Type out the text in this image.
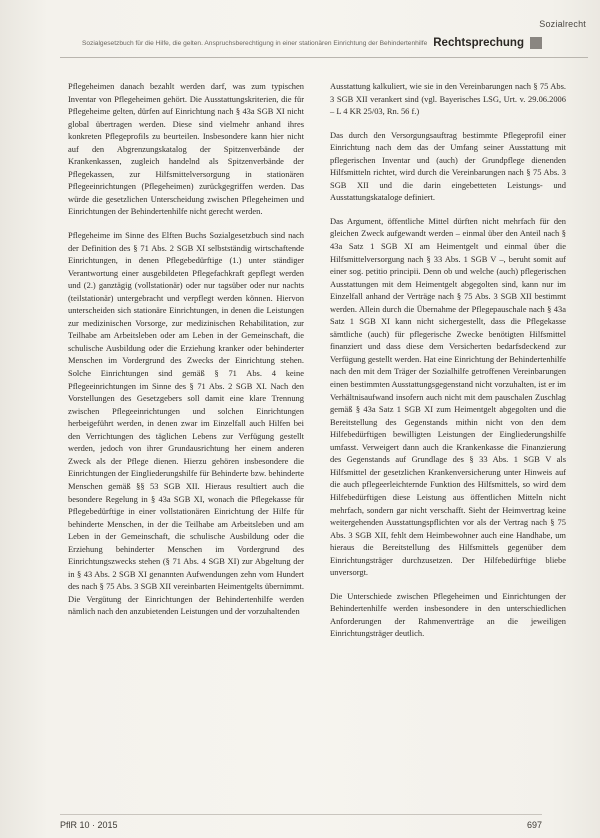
Sozialrecht
Sozialgesetzbuch für die Hilfe, die gelten. Anspruchsberechtigung in einer stationären Einrichtung der Behindertenhilfe Rechtsprechung

Pflegeheimen danach bezahlt werden darf, was zum typischen Inventar von Pflegeheimen gehört. Die Ausstattungskriterien, die für Pflegeheime gelten, dürfen auf Einrichtung nach § 43a SGB XI nicht global übertragen werden. Diese sind vielmehr anhand ihres konkreten Pflegeprofils zu beurteilen. Insbesondere kann hier nicht auf den Abgrenzungskatalog der Spitzenverbände der Krankenkassen, zugleich handelnd als Spitzenverbände der Pflegekassen, zur Hilfsmittelversorgung in stationären Pflegeeinrichtungen (Pflegeheimen) zurückgegriffen werden. Das würde die gesetzlichen Unterscheidung zwischen Pflegeheimen und Einrichtungen der Behindertenhilfe nicht gerecht werden.

Pflegeheime im Sinne des Elften Buchs Sozialgesetzbuch sind nach der Definition des § 71 Abs. 2 SGB XI selbstständig wirtschaftende Einrichtungen, in denen Pflegebedürftige (1.) unter ständiger Verantwortung einer ausgebildeten Pflegefachkraft gepflegt werden und (2.) ganztägig (vollstationär) oder nur tagsüber oder nur nachts (teilstationär) untergebracht und verpflegt werden können. Hiervon unterscheiden sich stationäre Einrichtungen, in denen die Leistungen zur medizinischen Vorsorge, zur medizinischen Rehabilitation, zur Teilhabe am Arbeitsleben oder am Leben in der Gemeinschaft, die schulische Ausbildung oder die Erziehung kranker oder behinderter Menschen im Vordergrund des Zwecks der Einrichtung stehen. Solche Einrichtungen sind gemäß § 71 Abs. 4 keine Pflegeeinrichtungen im Sinne des § 71 Abs. 2 SGB XI. Nach den Vorstellungen des Gesetzgebers soll damit eine klare Trennung zwischen Pflegeeinrichtungen und solchen Einrichtungen herbeigeführt werden, in denen zwar im Einzelfall auch Hilfen bei den Verrichtungen des täglichen Lebens zur Verfügung gestellt werden, jedoch von ihrer Grundausrichtung her einem anderen Zweck als der Pflege dienen. Hierzu gehören insbesondere die Einrichtungen der Eingliederungshilfe für Behinderte bzw. behinderte Menschen gemäß §§ 53 SGB XII. Hieraus resultiert auch die besondere Regelung in § 43a SGB XI, wonach die Pflegekasse für Pflegebedürftige in einer vollstationären Einrichtung der Hilfe für behinderte Menschen, in der die Teilhabe am Arbeitsleben und am Leben in der Gemeinschaft, die schulische Ausbildung oder die Erziehung behinderter Menschen im Vordergrund des Einrichtungszwecks stehen (§ 71 Abs. 4 SGB XI) zur Abgeltung der in § 43 Abs. 2 SGB XI genannten Aufwendungen zehn vom Hundert des nach § 75 Abs. 3 SGB XII vereinbarten Heimentgelts übernimmt. Die Vergütung der Einrichtungen der Behindertenhilfe werden nämlich nach den anzubietenden Leistungen und der vorzuhaltenden

Ausstattung kalkuliert, wie sie in den Vereinbarungen nach § 75 Abs. 3 SGB XII verankert sind (vgl. Bayerisches LSG, Urt. v. 29.06.2006 – L 4 KR 25/03, Rn. 56 f.)

Das durch den Versorgungsauftrag bestimmte Pflegeprofil einer Einrichtung nach dem das der Umfang seiner Ausstattung mit pflegerischen Inventar und (auch) der Grundpflege dienenden Hilfsmitteln richtet, wird durch die Vereinbarungen nach § 75 Abs. 3 SGB XII und die darin eingebetteten Leistungs- und Ausstattungskataloge definiert.

Das Argument, öffentliche Mittel dürften nicht mehrfach für den gleichen Zweck aufgewandt werden – einmal über den Anteil nach § 43a Satz 1 SGB XI am Heimentgelt und einmal über die Hilfsmittelversorgung nach § 33 Abs. 1 SGB V –, beruht somit auf einer sog. petitio principii. Denn ob und welche (auch) pflegerischen Ausstattungen mit dem Heimentgelt abgegolten sind, kann nur im Einzelfall anhand der Verträge nach § 75 Abs. 3 SGB XII bestimmt werden. Allein durch die Übernahme der Pflegepauschale nach § 43a Satz 1 SGB XI kann nicht sichergestellt, dass die Pflegekasse sämtliche (auch) für pflegerische Zwecke benötigten Hilfsmittel finanziert und dass diese dem Versicherten bedarfsdeckend zur Verfügung gestellt werden. Hat eine Einrichtung der Behindertenhilfe nach den mit dem Träger der Sozialhilfe getroffenen Vereinbarungen einen bestimmten Ausstattungsgegenstand nicht vorzuhalten, ist er im Verhältnisaufwand insofern auch nicht mit dem pauschalen Zuschlag gemäß § 43a Satz 1 SGB XI zum Heimentgelt abgegolten und die Bereitstellung des Gegenstands mithin nicht von den dem Hilfebedürftigen bewilligten Leistungen der Eingliederungshilfe umfasst. Verweigert dann auch die Krankenkasse die Finanzierung des Gegenstands auf Grundlage des § 33 Abs. 1 SGB V als Hilfsmittel der gesetzlichen Krankenversicherung unter Hinweis auf die auch pflegeerleichternde Funktion des Hilfsmittels, so wird dem Hilfebedürftigen diese Leistung aus öffentlichen Mitteln nicht mehrfach, sondern gar nicht verschafft. Sieht der Heimvertrag keine weitergehenden Ausstattungspflichten vor als der Vertrag nach § 75 Abs. 3 SGB XII, fehlt dem Heimbewohner auch eine Handhabe, um hieraus die Bereitstellung des Hilfsmittels gegenüber dem Einrichtungsträger durchzusetzen. Der Hilfebedürftige bliebe unversorgt.

Die Unterschiede zwischen Pflegeheimen und Einrichtungen der Behindertenhilfe werden insbesondere in den unterschiedlichen Anforderungen der Rahmenverträge an die jeweiligen Einrichtungsträger deutlich.

PflR 10 · 2015	697
